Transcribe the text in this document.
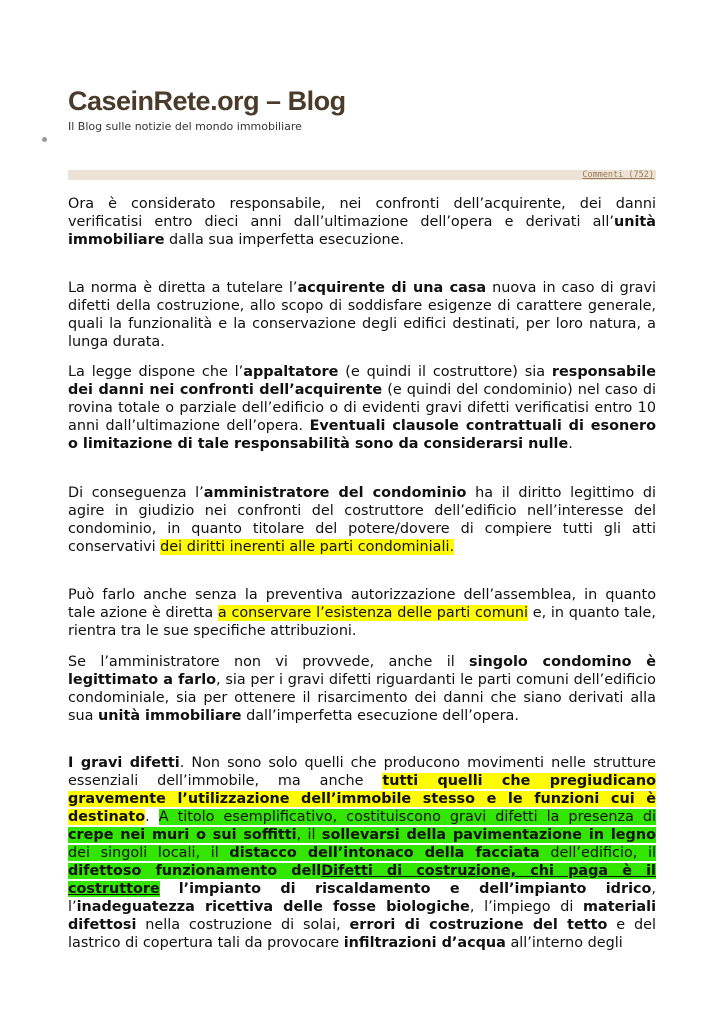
CaseinRete.org – Blog
Il Blog sulle notizie del mondo immobiliare
Commenti (752)

Ora è considerato responsabile, nei confronti dell’acquirente, dei danni verificatisi entro dieci anni dall’ultimazione dell’opera e derivati all’unità immobiliare dalla sua imperfetta esecuzione.

La norma è diretta a tutelare l’acquirente di una casa nuova in caso di gravi difetti della costruzione, allo scopo di soddisfare esigenze di carattere generale, quali la funzionalità e la conservazione degli edifici destinati, per loro natura, a lunga durata.

La legge dispone che l’appaltatore (e quindi il costruttore) sia responsabile dei danni nei confronti dell’acquirente (e quindi del condominio) nel caso di rovina totale o parziale dell’edificio o di evidenti gravi difetti verificatisi entro 10 anni dall’ultimazione dell’opera. Eventuali clausole contrattuali di esonero o limitazione di tale responsabilità sono da considerarsi nulle.

Di conseguenza l’amministratore del condominio ha il diritto legittimo di agire in giudizio nei confronti del costruttore dell’edificio nell’interesse del condominio, in quanto titolare del potere/dovere di compiere tutti gli atti conservativi dei diritti inerenti alle parti condominiali.

Può farlo anche senza la preventiva autorizzazione dell’assemblea, in quanto tale azione è diretta a conservare l’esistenza delle parti comuni e, in quanto tale, rientra tra le sue specifiche attribuzioni.

Se l’amministratore non vi provvede, anche il singolo condomino è legittimato a farlo, sia per i gravi difetti riguardanti le parti comuni dell’edificio condominiale, sia per ottenere il risarcimento dei danni che siano derivati alla sua unità immobiliare dall’imperfetta esecuzione dell’opera.

I gravi difetti. Non sono solo quelli che producono movimenti nelle strutture essenziali dell’immobile, ma anche tutti quelli che pregiudicano gravemente l’utilizzazione dell’immobile stesso e le funzioni cui è destinato. A titolo esemplificativo, costituiscono gravi difetti la presenza di crepe nei muri o sui soffitti, il sollevarsi della pavimentazione in legno dei singoli locali, il distacco dell’intonaco della facciata dell’edificio, il difettoso funzionamento dellDifetti di costruzione, chi paga è il costruttore l’impianto di riscaldamento e dell’impianto idrico, l’inadeguatezza ricettiva delle fosse biologiche, l’impiego di materiali difettosi nella costruzione di solai, errori di costruzione del tetto e del lastrico di copertura tali da provocare infiltrazioni d’acqua all’interno degli
